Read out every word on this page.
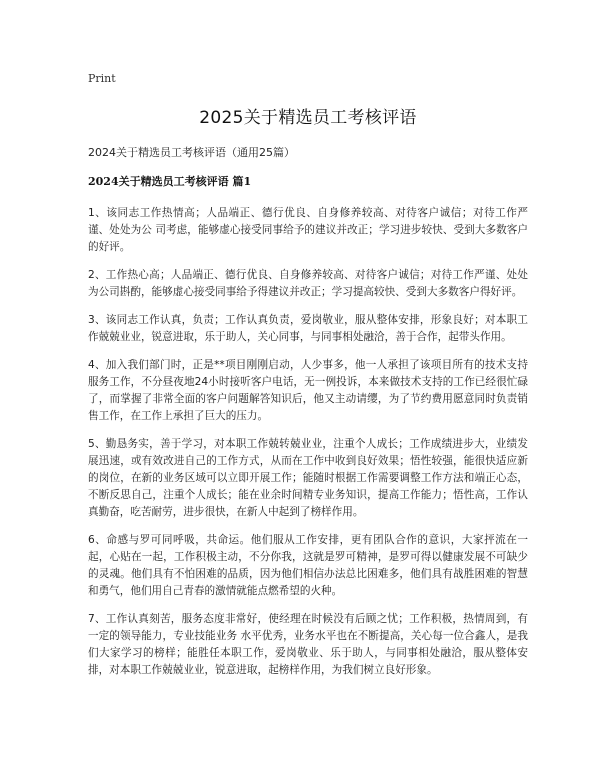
Print
2025关于精选员工考核评语
2024关于精选员工考核评语（通用25篇）
2024关于精选员工考核评语 篇1

1、该同志工作热情高；人品端正、德行优良、自身修养较高、对待客户诚信；对待工作严谨、处处为公 司考虑，能够虚心接受同事给予的建议并改正；学习进步较快、受到大多数客户的好评。

2、工作热心高；人品端正、德行优良、自身修养较高、对待客户诚信；对待工作严谨、处处为公司斟酌，能够虚心接受同事给予得建议并改正；学习提高较快、受到大多数客户得好评。

3、该同志工作认真，负责；工作认真负责，爱岗敬业，服从整体安排，形象良好；对本职工作兢兢业业，锐意进取，乐于助人，关心同事，与同事相处融洽，善于合作，起带头作用。

4、加入我们部门时，正是**项目刚刚启动，人少事多，他一人承担了该项目所有的技术支持服务工作，不分昼夜地24小时接听客户电话，无一例投诉，本来做技术支持的工作已经很忙碌了，而掌握了非常全面的客户问题解答知识后，他又主动请缨，为了节约费用愿意同时负责销售工作，在工作上承担了巨大的压力。

5、勤恳务实，善于学习，对本职工作兢转兢业业，注重个人成长；工作成绩进步大，业绩发展迅速，或有效改进自己的工作方式，从而在工作中收到良好效果；悟性较强，能很快适应新的岗位，在新的业务区域可以立即开展工作；能随时根据工作需要调整工作方法和端正心态，不断反思自己，注重个人成长；能在业余时间精专业务知识，提高工作能力；悟性高，工作认真勤奋，吃苦耐劳，进步很快，在新人中起到了榜样作用。

6、命感与罗可同呼吸，共命运。他们服从工作安排，更有团队合作的意识，大家抨流在一起，心贴在一起，工作积极主动，不分你我，这就是罗可精神，是罗可得以健康发展不可缺少的灵魂。他们具有不怕困难的品质，因为他们相信办法总比困难多，他们具有战胜困难的智慧和勇气，他们用自己青春的激情就能点燃希望的火种。

7、工作认真刻苦，服务态度非常好，使经理在时候没有后顾之忧；工作积极，热情周到，有一定的领导能力，专业技能业务 水平优秀，业务水平也在不断提高，关心每一位合鑫人，是我们大家学习的榜样；能胜任本职工作，爱岗敬业、乐于助人，与同事相处融洽，服从整体安排，对本职工作兢兢业业，锐意进取，起榜样作用，为我们树立良好形象。
